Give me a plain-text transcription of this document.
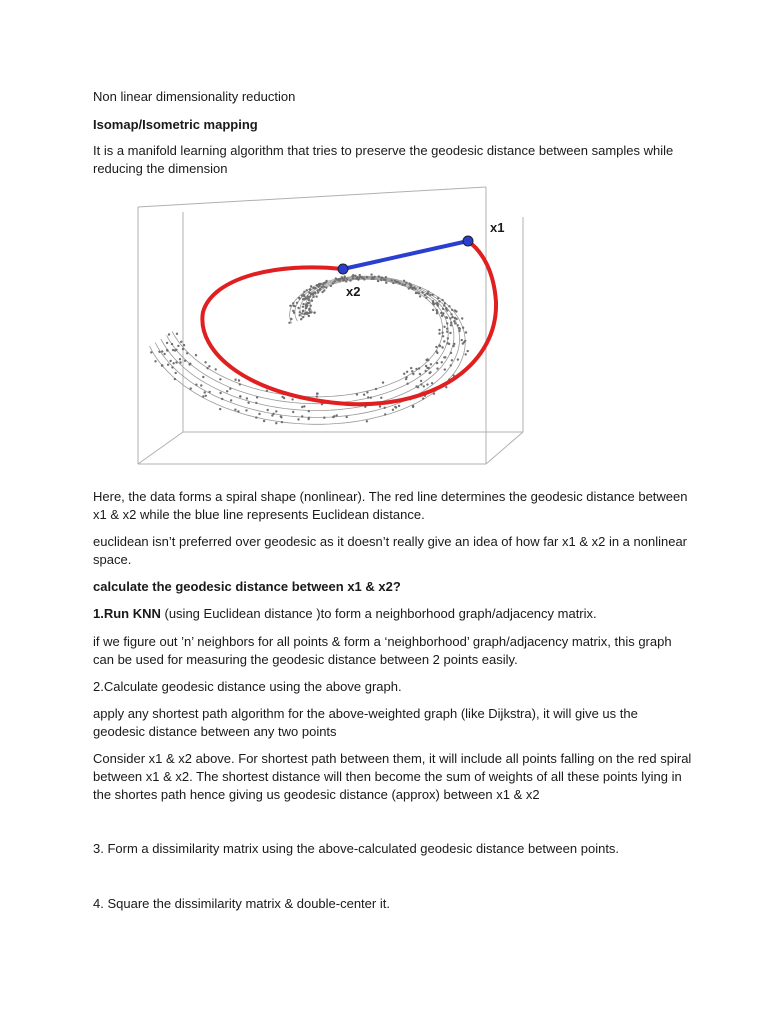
Non linear dimensionality reduction

Isomap/Isometric mapping

It is a manifold learning algorithm that tries to preserve the geodesic distance between samples while reducing the dimension

x1
x2

Here, the data forms a spiral shape (nonlinear). The red line determines the geodesic distance between x1 & x2 while the blue line represents Euclidean distance.

euclidean isn’t preferred over geodesic as it doesn’t really give an idea of how far x1 & x2 in a nonlinear space.

calculate the geodesic distance between x1 & x2?

1.Run KNN (using Euclidean distance )to form a neighborhood graph/adjacency matrix.

if we figure out ’n’ neighbors for all points & form a ‘neighborhood’ graph/adjacency matrix, this graph can be used for measuring the geodesic distance between 2 points easily.

2.Calculate geodesic distance using the above graph.

apply any shortest path algorithm for the above-weighted graph (like Dijkstra), it will give us the geodesic distance between any two points

Consider x1 & x2 above. For shortest path between them, it will include all points falling on the red spiral between x1 & x2. The shortest distance will then become the sum of weights of all these points lying in the shortes path hence giving us geodesic distance (approx) between x1 & x2

3. Form a dissimilarity matrix using the above-calculated geodesic distance between points.

4. Square the dissimilarity matrix & double-center it.
